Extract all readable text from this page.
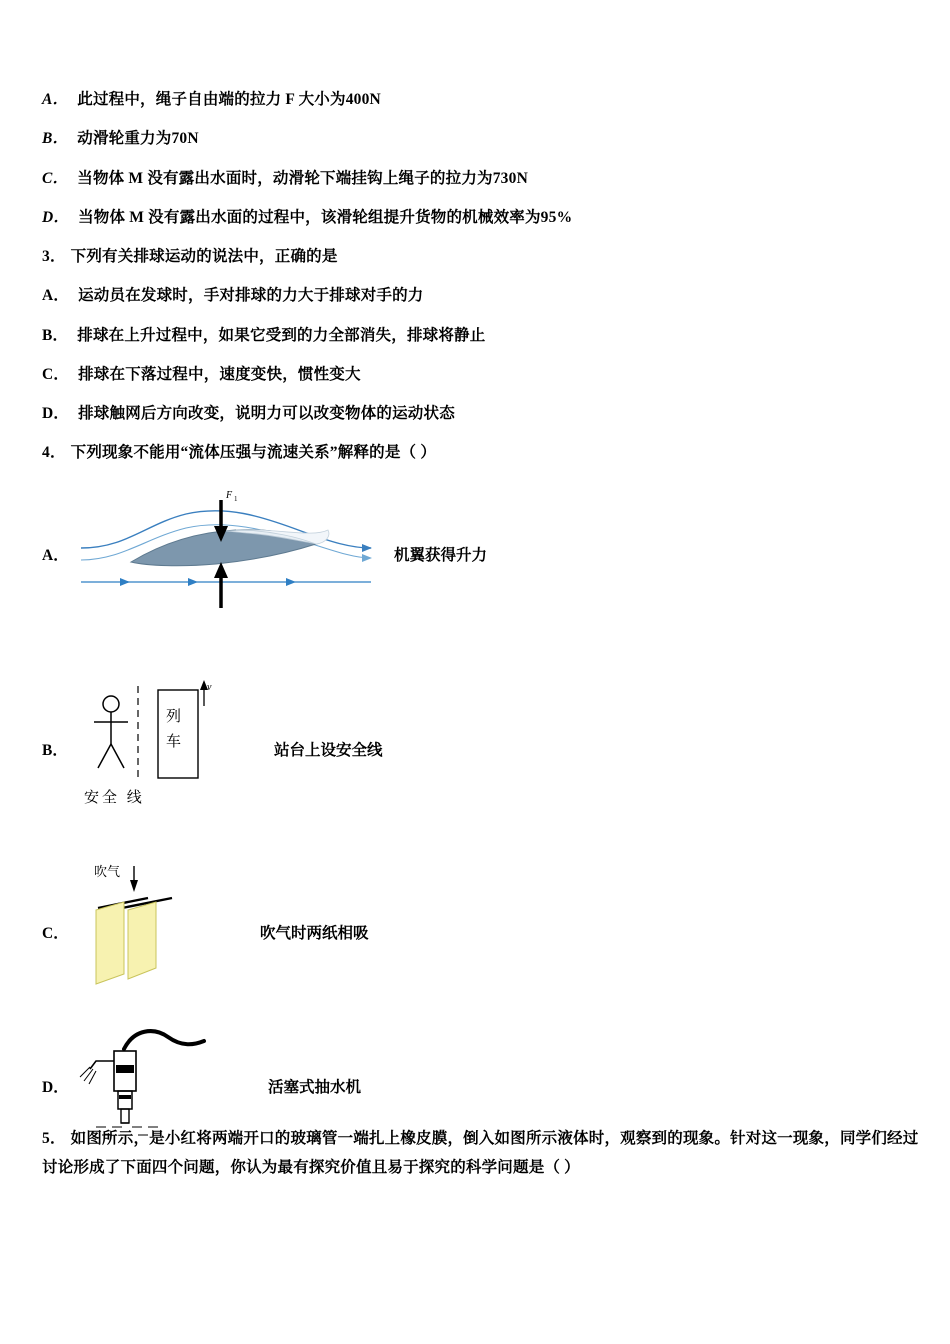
A． 此过程中，绳子自由端的拉力 F 大小为400N
B． 动滑轮重力为70N
C． 当物体 M 没有露出水面时，动滑轮下端挂钩上绳子的拉力为730N
D． 当物体 M 没有露出水面的过程中，该滑轮组提升货物的机械效率为95%
3． 下列有关排球运动的说法中，正确的是
A． 运动员在发球时，手对排球的力大于排球对手的力
B． 排球在上升过程中，如果它受到的力全部消失，排球将静止
C． 排球在下落过程中，速度变快，惯性变大
D． 排球触网后方向改变，说明力可以改变物体的运动状态
4． 下列现象不能用“流体压强与流速关系”解释的是（ ）
A．
F 1
机翼获得升力
B．
列
车
v
安全 线
站台上设安全线
C．
吹气
吹气时两纸相吸
D．	活塞式抽水机
5． 如图所示，是小红将两端开口的玻璃管一端扎上橡皮膜，倒入如图所示液体时，观察到的现象。针对这一现象，同学们经过讨论形成了下面四个问题，你认为最有探究价值且易于探究的科学问题是（ ）
